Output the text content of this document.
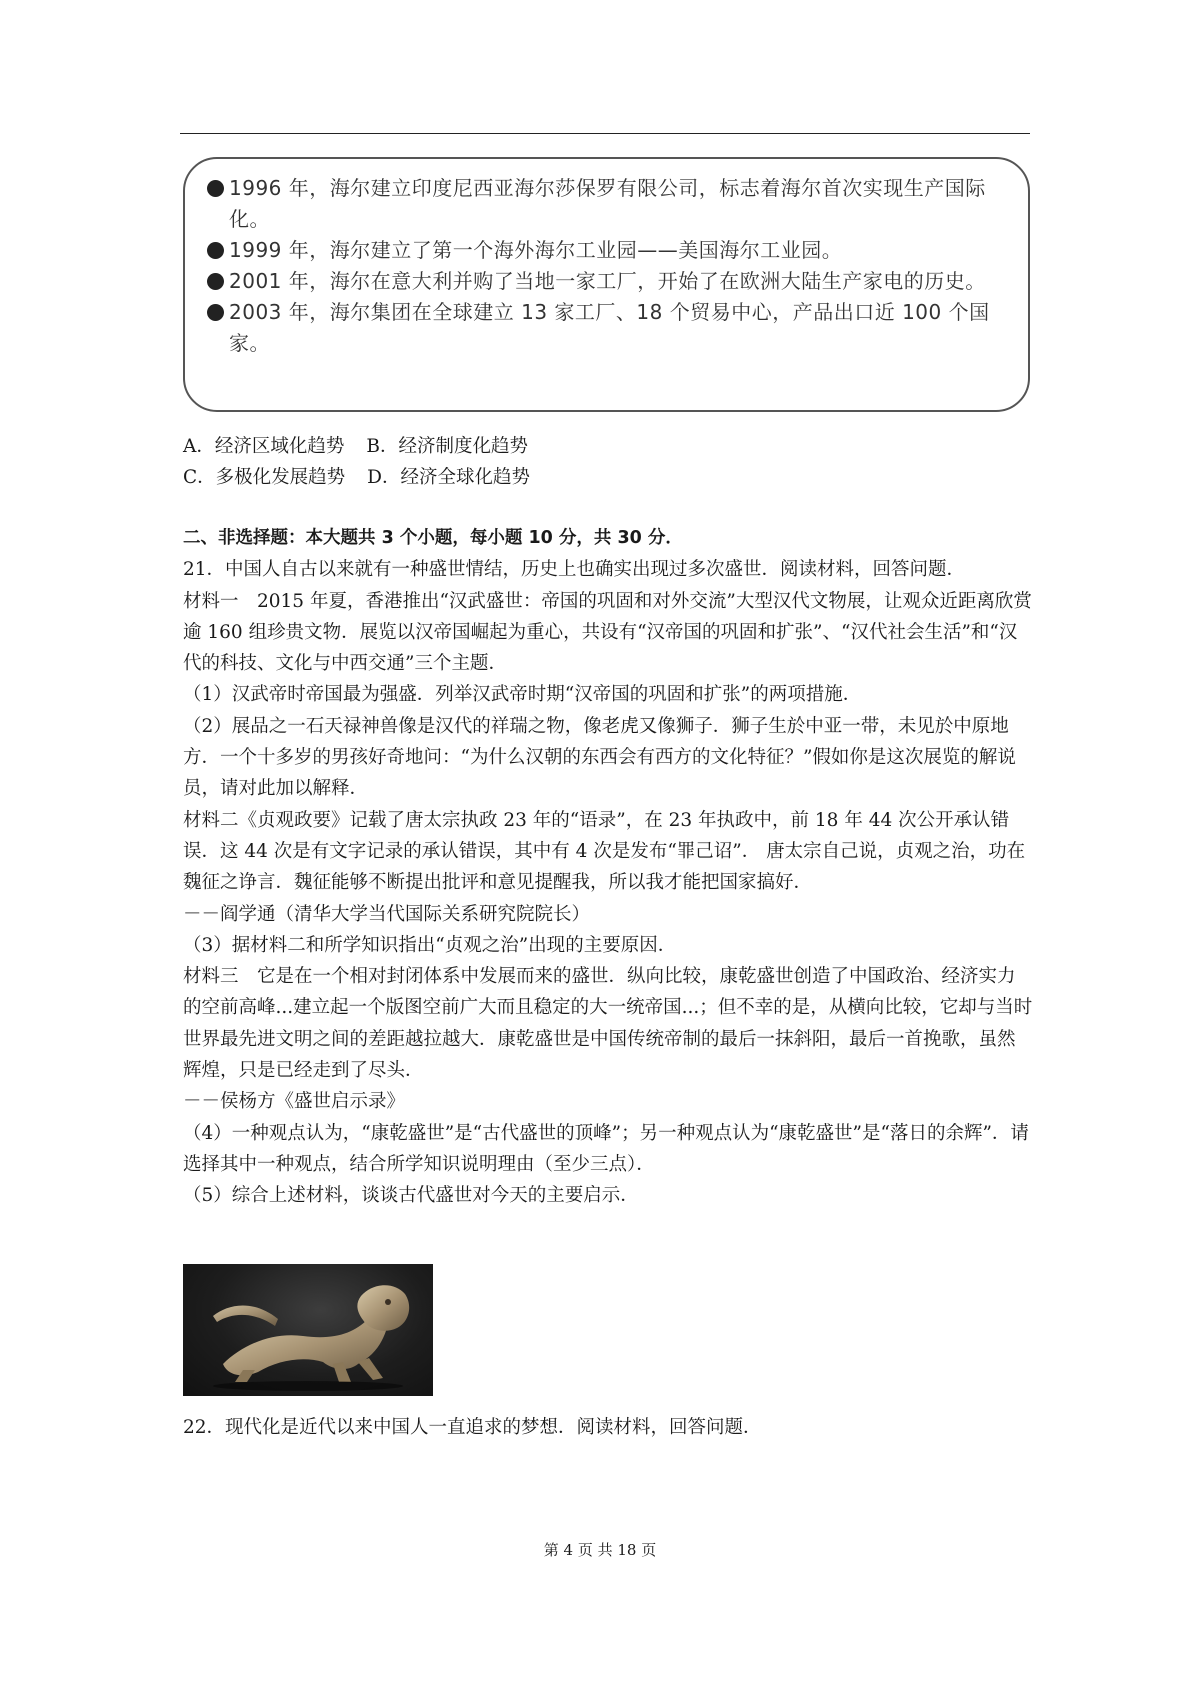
1996 年，海尔建立印度尼西亚海尔莎保罗有限公司，标志着海尔首次实现生产国际化。
1999 年，海尔建立了第一个海外海尔工业园——美国海尔工业园。
2001 年，海尔在意大利并购了当地一家工厂，开始了在欧洲大陆生产家电的历史。
2003 年，海尔集团在全球建立 13 家工厂、18 个贸易中心，产品出口近 100 个国家。
A．经济区域化趋势 B．经济制度化趋势
C．多极化发展趋势 D．经济全球化趋势

二、非选择题：本大题共 3 个小题，每小题 10 分，共 30 分．

21．中国人自古以来就有一种盛世情结，历史上也确实出现过多次盛世．阅读材料，回答问题．

材料一　2015 年夏，香港推出“汉武盛世：帝国的巩固和对外交流”大型汉代文物展，让观众近距离欣赏逾 160 组珍贵文物．展览以汉帝国崛起为重心，共设有“汉帝国的巩固和扩张”、“汉代社会生活”和“汉代的科技、文化与中西交通”三个主题．

（1）汉武帝时帝国最为强盛．列举汉武帝时期“汉帝国的巩固和扩张”的两项措施．

（2）展品之一石天禄神兽像是汉代的祥瑞之物，像老虎又像狮子．狮子生於中亚一带，未见於中原地方．一个十多岁的男孩好奇地问：“为什么汉朝的东西会有西方的文化特征？”假如你是这次展览的解说员，请对此加以解释．

材料二《贞观政要》记载了唐太宗执政 23 年的“语录”，在 23 年执政中，前 18 年 44 次公开承认错误．这 44 次是有文字记录的承认错误，其中有 4 次是发布“罪己诏”． 唐太宗自己说，贞观之治，功在魏征之诤言．魏征能够不断提出批评和意见提醒我，所以我才能把国家搞好．

－－阎学通（清华大学当代国际关系研究院院长）

（3）据材料二和所学知识指出“贞观之治”出现的主要原因．

材料三　它是在一个相对封闭体系中发展而来的盛世．纵向比较，康乾盛世创造了中国政治、经济实力的空前高峰...建立起一个版图空前广大而且稳定的大一统帝国...；但不幸的是，从横向比较，它却与当时世界最先进文明之间的差距越拉越大．康乾盛世是中国传统帝制的最后一抹斜阳，最后一首挽歌，虽然辉煌，只是已经走到了尽头．

－－侯杨方《盛世启示录》

（4）一种观点认为，“康乾盛世”是“古代盛世的顶峰”；另一种观点认为“康乾盛世”是“落日的余辉”．请选择其中一种观点，结合所学知识说明理由（至少三点）．

（5）综合上述材料，谈谈古代盛世对今天的主要启示．

22．现代化是近代以来中国人一直追求的梦想．阅读材料，回答问题．
第 4 页 共 18 页
